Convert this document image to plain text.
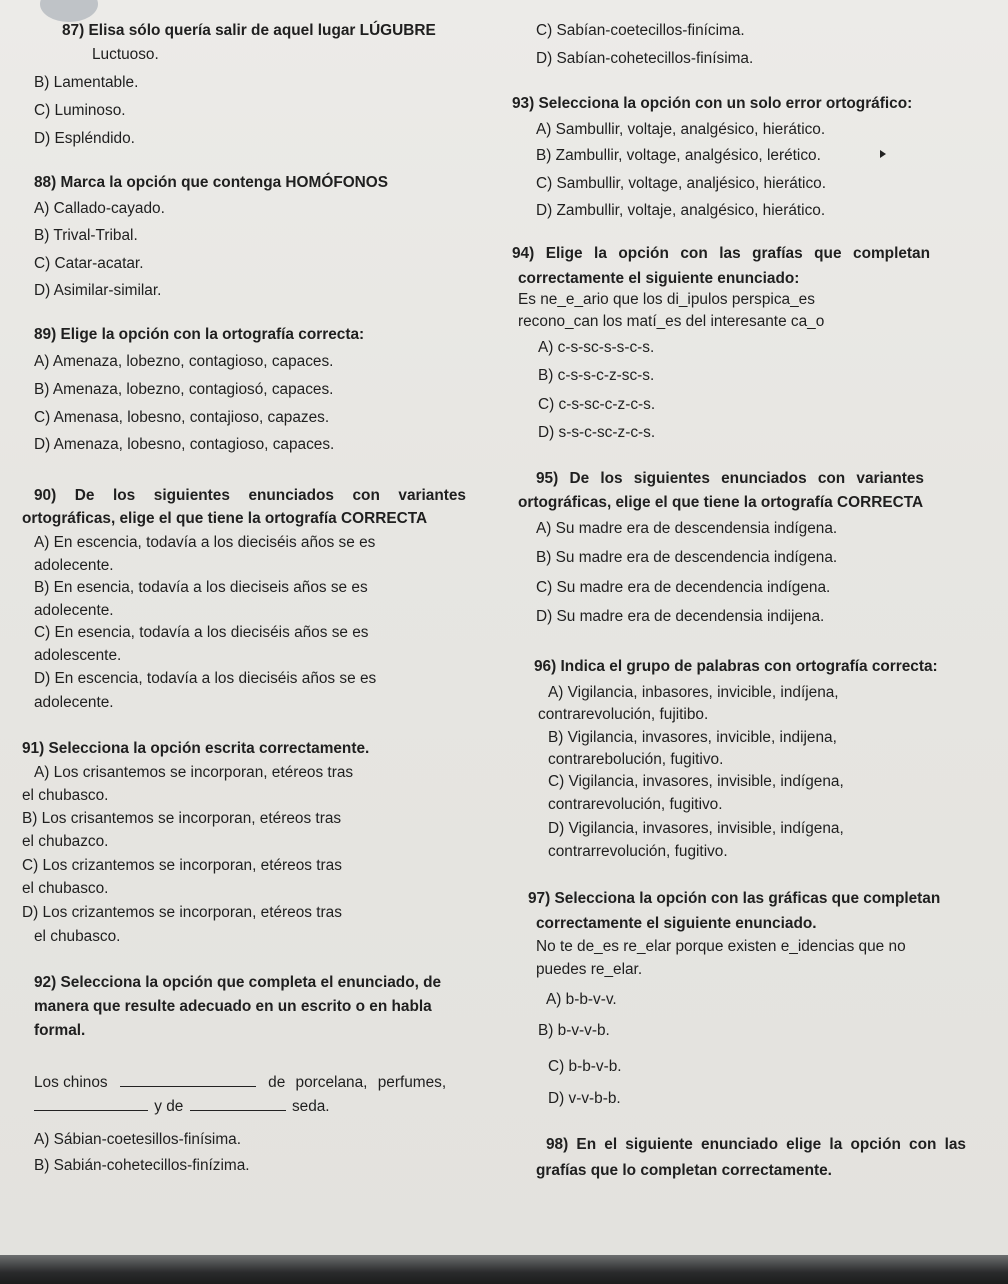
87) Elisa sólo quería salir de aquel lugar LÚGUBRE
Luctuoso.
B) Lamentable.
C) Luminoso.
D) Espléndido.
88) Marca la opción que contenga HOMÓFONOS
A) Callado-cayado.
B) Trival-Tribal.
C) Catar-acatar.
D) Asimilar-similar.
89) Elige la opción con la ortografía correcta:
A) Amenaza, lobezno, contagioso, capaces.
B) Amenaza, lobezno, contagiosó, capaces.
C) Amenasa, lobesno, contajioso, capazes.
D) Amenaza, lobesno, contagioso, capaces.
90) De los siguientes enunciados con variantes
ortográficas, elige el que tiene la ortografía CORRECTA
A) En escencia, todavía a los dieciséis años se es
adolecente.
B) En esencia, todavía a los dieciseis años se es
adolecente.
C) En esencia, todavía a los dieciséis años se es
adolescente.
D) En escencia, todavía a los dieciséis años se es
adolecente.
91) Selecciona la opción escrita correctamente.
A) Los crisantemos se incorporan, etéreos tras
el chubasco.
B) Los crisantemos se incorporan, etéreos tras
el chubazco.
C) Los crizantemos se incorporan, etéreos tras
el chubasco.
D) Los crizantemos se incorporan, etéreos tras
el chubasco.
92) Selecciona la opción que completa el enunciado, de
manera que resulte adecuado en un escrito o en habla
formal.
Los chinos	de porcelana, perfumes,
y de	seda.
A) Sábian-coetesillos-finísima.
B) Sabián-cohetecillos-finízima.
C) Sabían-coetecillos-finícima.
D) Sabían-cohetecillos-finísima.
93) Selecciona la opción con un solo error ortográfico:
A) Sambullir, voltaje, analgésico, hierático.
B) Zambullir, voltage, analgésico, lerético.
C) Sambullir, voltage, analjésico, hierático.
D) Zambullir, voltaje, analgésico, hierático.
94) Elige la opción con las grafías que completan
correctamente el siguiente enunciado:
Es ne_e_ario que los di_ipulos perspica_es
recono_can los matí_es del interesante ca_o
A) c-s-sc-s-s-c-s.
B) c-s-s-c-z-sc-s.
C) c-s-sc-c-z-c-s.
D) s-s-c-sc-z-c-s.
95) De los siguientes enunciados con variantes
ortográficas, elige el que tiene la ortografía CORRECTA
A) Su madre era de descendensia indígena.
B) Su madre era de descendencia indígena.
C) Su madre era de decendencia indígena.
D) Su madre era de decendensia indijena.
96) Indica el grupo de palabras con ortografía correcta:
A) Vigilancia, inbasores, invicible, indíjena,
contrarevolución, fujitibo.
B) Vigilancia, invasores, invicible, indijena,
contrarebolución, fugitivo.
C) Vigilancia, invasores, invisible, indígena,
contrarevolución, fugitivo.
D) Vigilancia, invasores, invisible, indígena,
contrarrevolución, fugitivo.
97) Selecciona la opción con las gráficas que completan
correctamente el siguiente enunciado.
No te de_es re_elar porque existen e_idencias que no
puedes re_elar.
A) b-b-v-v.
B) b-v-v-b.
C) b-b-v-b.
D) v-v-b-b.
98) En el siguiente enunciado elige la opción con las
grafías que lo completan correctamente.
